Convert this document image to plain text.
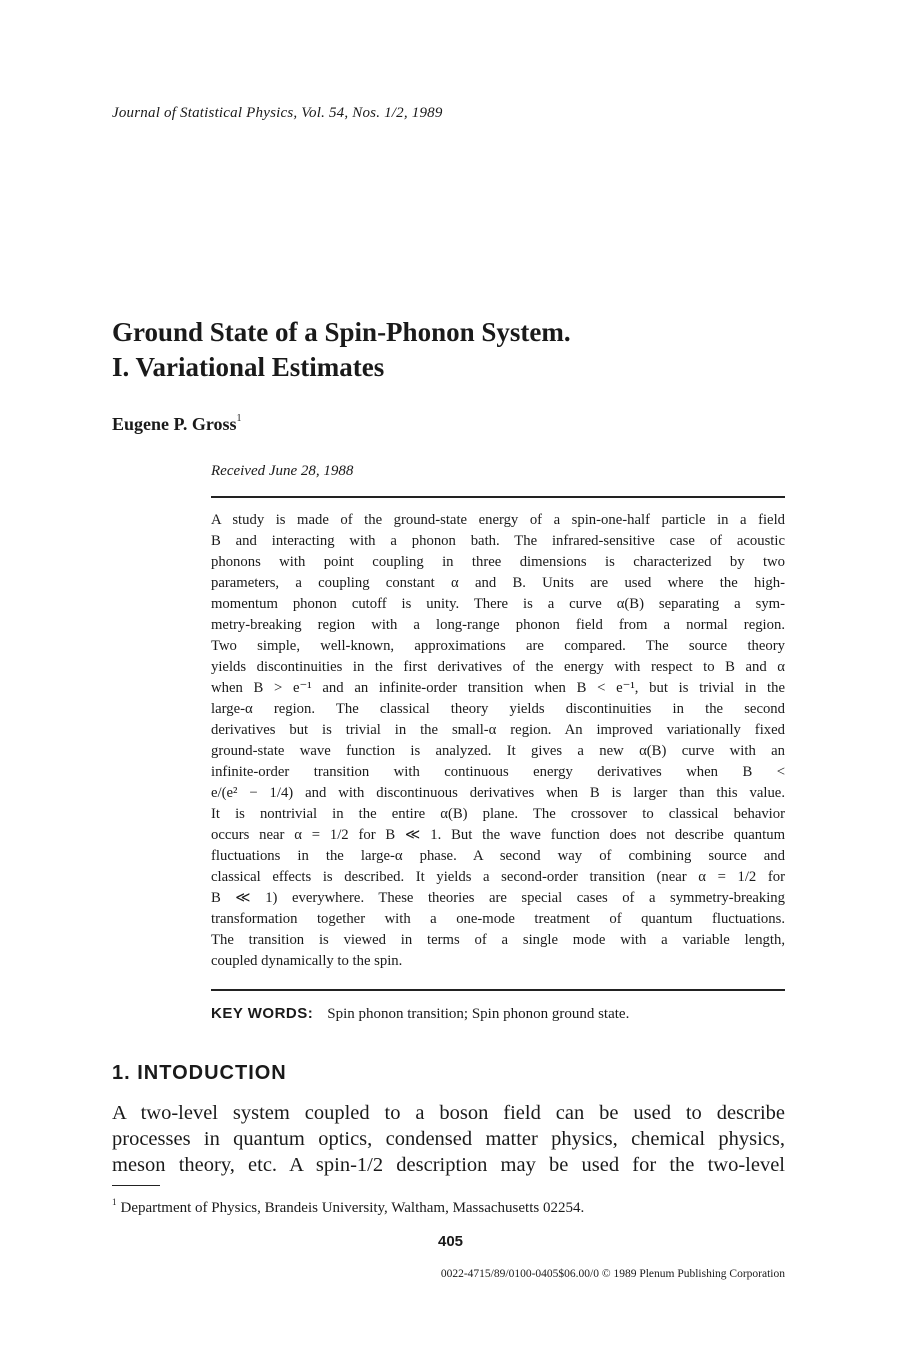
Journal of Statistical Physics, Vol. 54, Nos. 1/2, 1989
Ground State of a Spin-Phonon System.
I. Variational Estimates
Eugene P. Gross$^1$
Received June 28, 1988
A study is made of the ground-state energy of a spin-one-half particle in a field
B and interacting with a phonon bath. The infrared-sensitive case of acoustic
phonons with point coupling in three dimensions is characterized by two
parameters, a coupling constant α and B. Units are used where the high-
momentum phonon cutoff is unity. There is a curve α(B) separating a sym-
metry-breaking region with a long-range phonon field from a normal region.
Two simple, well-known, approximations are compared. The source theory
yields discontinuities in the first derivatives of the energy with respect to B and α
when B > e⁻¹ and an infinite-order transition when B < e⁻¹, but is trivial in the
large-α region. The classical theory yields discontinuities in the second
derivatives but is trivial in the small-α region. An improved variationally fixed
ground-state wave function is analyzed. It gives a new α(B) curve with an
infinite-order transition with continuous energy derivatives when B <
e/(e² − 1/4) and with discontinuous derivatives when B is larger than this value.
It is nontrivial in the entire α(B) plane. The crossover to classical behavior
occurs near α = 1/2 for B ≪ 1. But the wave function does not describe quantum
fluctuations in the large-α phase. A second way of combining source and
classical effects is described. It yields a second-order transition (near α = 1/2 for
B ≪ 1) everywhere. These theories are special cases of a symmetry-breaking
transformation together with a one-mode treatment of quantum fluctuations.
The transition is viewed in terms of a single mode with a variable length,
coupled dynamically to the spin.
KEY WORDS: Spin phonon transition; Spin phonon ground state.
1. INTODUCTION
A two-level system coupled to a boson field can be used to describe
processes in quantum optics, condensed matter physics, chemical physics,
meson theory, etc. A spin-1/2 description may be used for the two-level
$^1$ Department of Physics, Brandeis University, Waltham, Massachusetts 02254.
405
0022-4715/89/0100-0405$06.00/0 © 1989 Plenum Publishing Corporation
